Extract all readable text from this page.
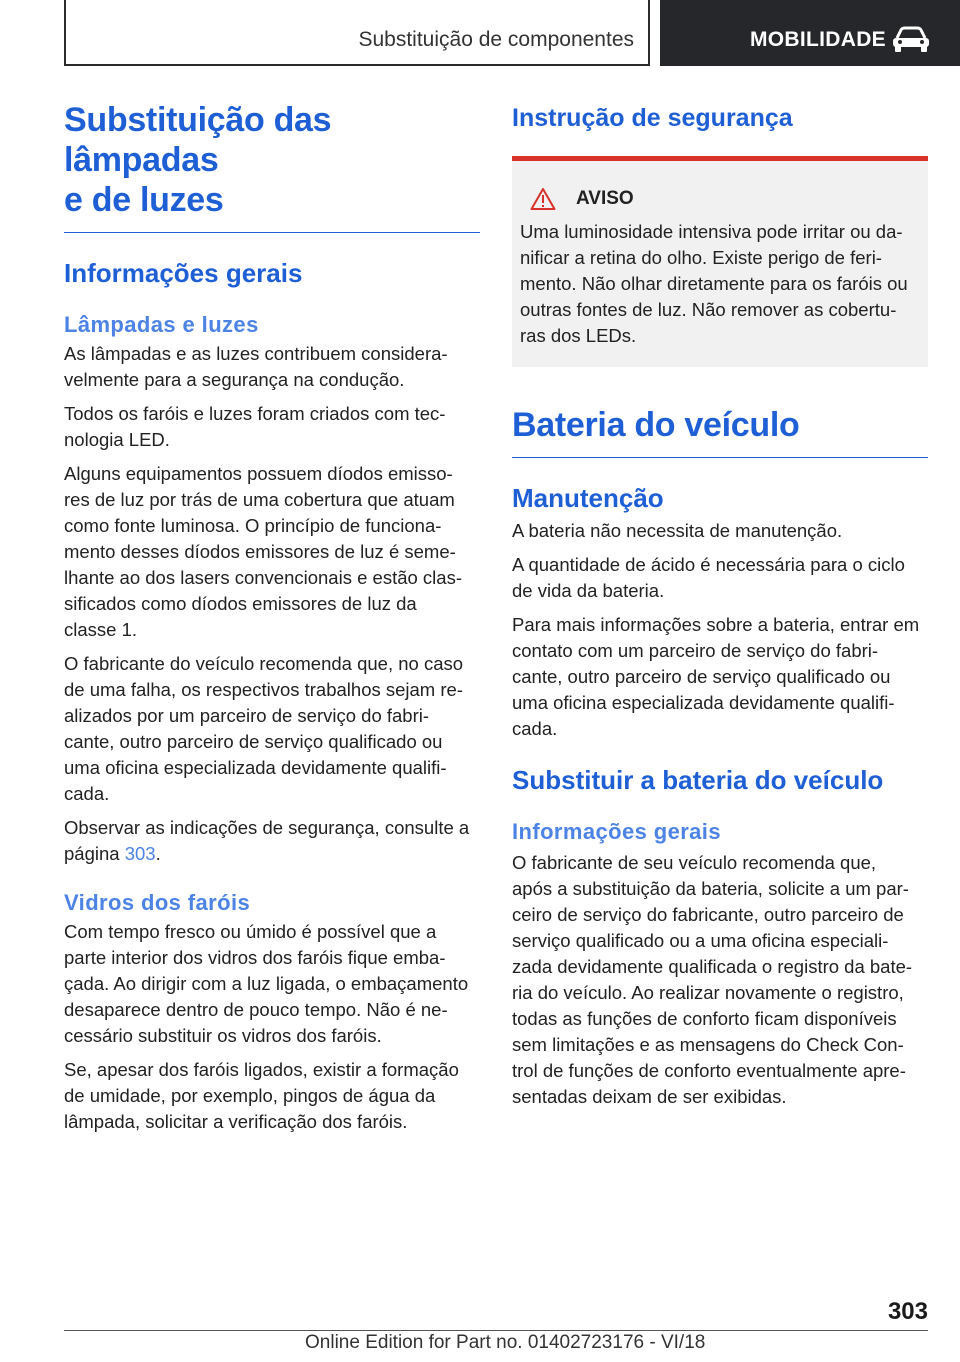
Substituição de componentes	MOBILIDADE
Substituição das lâmpadas
e de luzes
Informações gerais
Lâmpadas e luzes

As lâmpadas e as luzes contribuem considera-
velmente para a segurança na condução.

Todos os faróis e luzes foram criados com tec-
nologia LED.

Alguns equipamentos possuem díodos emisso-
res de luz por trás de uma cobertura que atuam
como fonte luminosa. O princípio de funciona-
mento desses díodos emissores de luz é seme-
lhante ao dos lasers convencionais e estão clas-
sificados como díodos emissores de luz da
classe 1.

O fabricante do veículo recomenda que, no caso
de uma falha, os respectivos trabalhos sejam re-
alizados por um parceiro de serviço do fabri-
cante, outro parceiro de serviço qualificado ou
uma oficina especializada devidamente qualifi-
cada.

Observar as indicações de segurança, consulte a
página 303.

Vidros dos faróis

Com tempo fresco ou úmido é possível que a
parte interior dos vidros dos faróis fique emba-
çada. Ao dirigir com a luz ligada, o embaçamento
desaparece dentro de pouco tempo. Não é ne-
cessário substituir os vidros dos faróis.

Se, apesar dos faróis ligados, existir a formação
de umidade, por exemplo, pingos de água da
lâmpada, solicitar a verificação dos faróis.

Instrução de segurança
AVISO

Uma luminosidade intensiva pode irritar ou da-
nificar a retina do olho. Existe perigo de feri-
mento. Não olhar diretamente para os faróis ou
outras fontes de luz. Não remover as cobertu-
ras dos LEDs.

Bateria do veículo
Manutenção

A bateria não necessita de manutenção.

A quantidade de ácido é necessária para o ciclo
de vida da bateria.

Para mais informações sobre a bateria, entrar em
contato com um parceiro de serviço do fabri-
cante, outro parceiro de serviço qualificado ou
uma oficina especializada devidamente qualifi-
cada.

Substituir a bateria do veículo
Informações gerais

O fabricante de seu veículo recomenda que,
após a substituição da bateria, solicite a um par-
ceiro de serviço do fabricante, outro parceiro de
serviço qualificado ou a uma oficina especiali-
zada devidamente qualificada o registro da bate-
ria do veículo. Ao realizar novamente o registro,
todas as funções de conforto ficam disponíveis
sem limitações e as mensagens do Check Con-
trol de funções de conforto eventualmente apre-
sentadas deixam de ser exibidas.

303
Online Edition for Part no. 01402723176 - VI/18
